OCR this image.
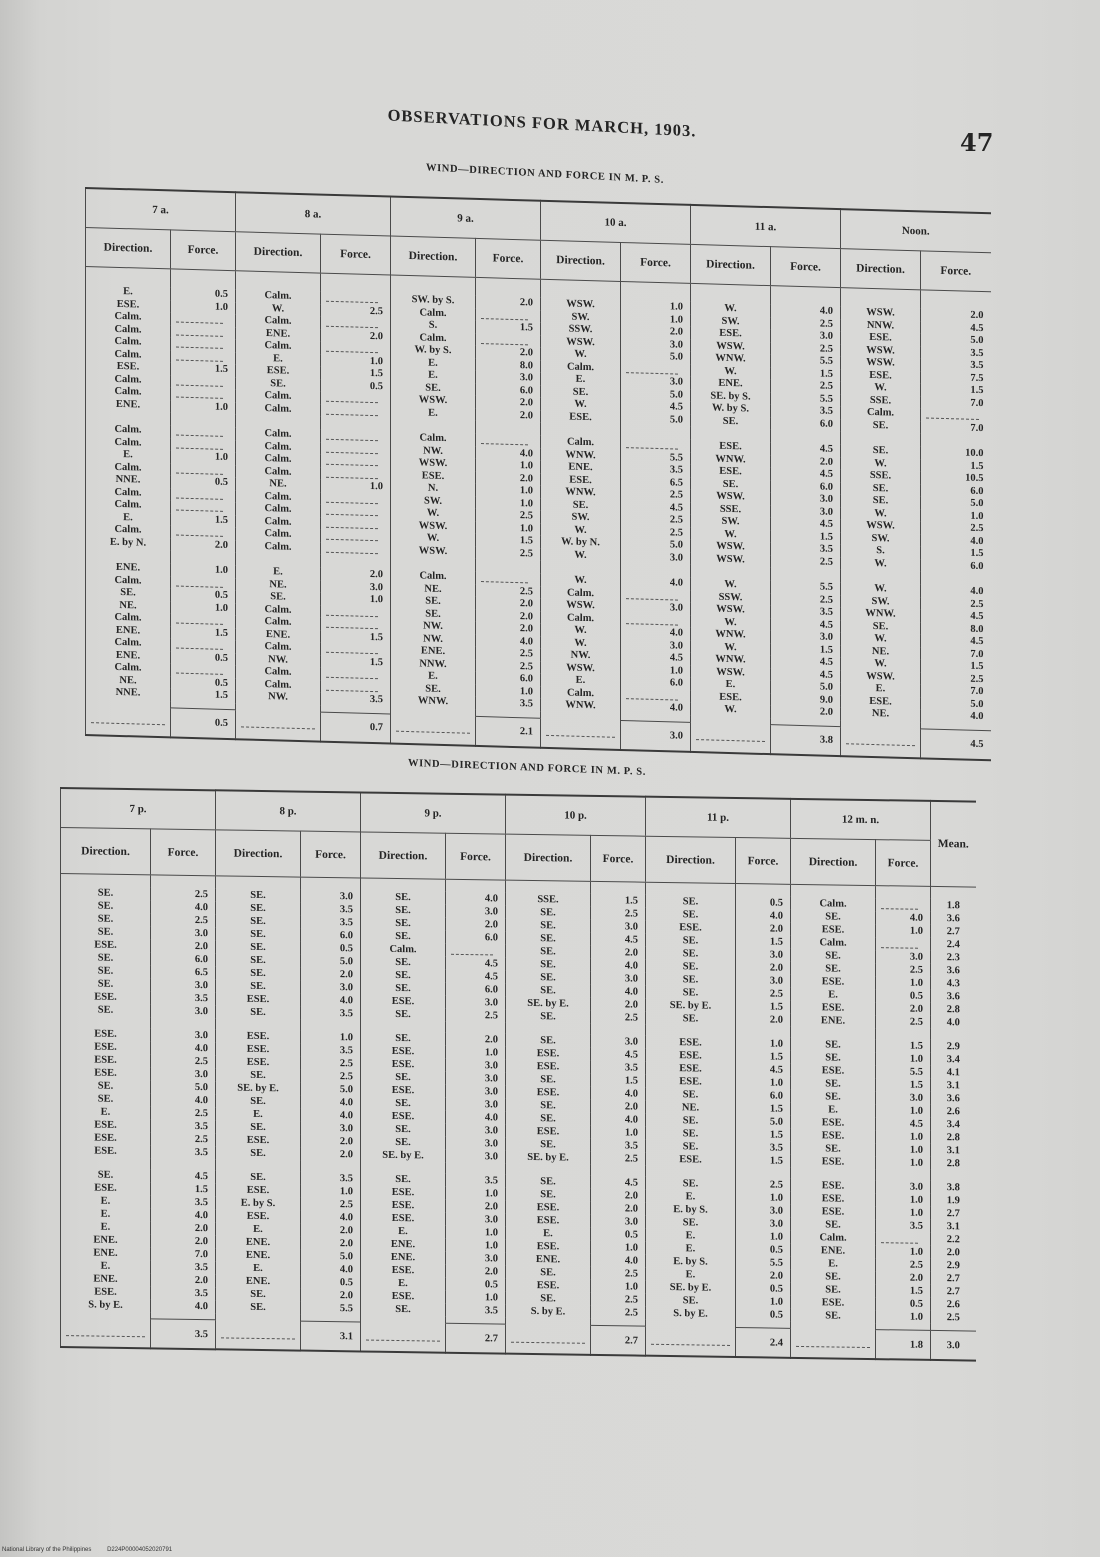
OBSERVATIONS FOR MARCH, 1903.
47
WIND—DIRECTION AND FORCE IN M. P. S.
7 a.		8 a.		9 a.		10 a.		11 a.		Noon.	
Direction.	Force.	Direction.	Force.	Direction.	Force.	Direction.	Force.	Direction.	Force.	Direction.	Force.

E.	0.5	Calm.		SW. by S.	2.0	WSW.	1.0	W.	4.0	WSW.	2.0
ESE.	1.0	W.	2.5	Calm.		SW.	1.0	SW.	2.5	NNW.	4.5
Calm.		Calm.		S.	1.5	SSW.	2.0	ESE.	3.0	ESE.	5.0
Calm.		ENE.	2.0	Calm.		WSW.	3.0	WSW.	2.5	WSW.	3.5
Calm.		Calm.		W. by S.	2.0	W.	5.0	WNW.	5.5	WSW.	3.5
Calm.		E.	1.0	E.	8.0	Calm.		W.	1.5	ESE.	7.5
ESE.	1.5	ESE.	1.5	E.	3.0	E.	3.0	ENE.	2.5	W.	1.5
Calm.		SE.	0.5	SE.	6.0	SE.	5.0	SE. by S.	5.5	SSE.	7.0
Calm.		Calm.		WSW.	2.0	W.	4.5	W. by S.	3.5	Calm.	
ENE.	1.0	Calm.		E.	2.0	ESE.	5.0	SE.	6.0	SE.	7.0

Calm.		Calm.		Calm.		Calm.		ESE.	4.5	SE.	10.0
Calm.		Calm.		NW.	4.0	WNW.	5.5	WNW.	2.0	W.	1.5
E.	1.0	Calm.		WSW.	1.0	ENE.	3.5	ESE.	4.5	SSE.	10.5
Calm.		Calm.		ESE.	2.0	ESE.	6.5	SE.	6.0	SE.	6.0
NNE.	0.5	NE.	1.0	N.	1.0	WNW.	2.5	WSW.	3.0	SE.	5.0
Calm.		Calm.		SW.	1.0	SE.	4.5	SSE.	3.0	W.	1.0
Calm.		Calm.		W.	2.5	SW.	2.5	SW.	4.5	WSW.	2.5
E.	1.5	Calm.		WSW.	1.0	W.	2.5	W.	1.5	SW.	4.0
Calm.		Calm.		W.	1.5	W. by N.	5.0	WSW.	3.5	S.	1.5
E. by N.	2.0	Calm.		WSW.	2.5	W.	3.0	WSW.	2.5	W.	6.0

ENE.	1.0	E.	2.0	Calm.		W.	4.0	W.	5.5	W.	4.0
Calm.		NE.	3.0	NE.	2.5	Calm.		SSW.	2.5	SW.	2.5
SE.	0.5	SE.	1.0	SE.	2.0	WSW.	3.0	WSW.	3.5	WNW.	4.5
NE.	1.0	Calm.		SE.	2.0	Calm.		W.	4.5	SE.	8.0
Calm.		Calm.		NW.	2.0	W.	4.0	WNW.	3.0	W.	4.5
ENE.	1.5	ENE.	1.5	NW.	4.0	W.	3.0	W.	1.5	NE.	7.0
Calm.		Calm.		ENE.	2.5	NW.	4.5	WNW.	4.5	W.	1.5
ENE.	0.5	NW.	1.5	NNW.	2.5	WSW.	1.0	WSW.	4.5	WSW.	2.5
Calm.		Calm.		E.	6.0	E.	6.0	E.	5.0	E.	7.0
NE.	0.5	Calm.		SE.	1.0	Calm.		ESE.	9.0	ESE.	5.0
NNE.	1.5	NW.	3.5	WNW.	3.5	WNW.	4.0	W.	2.0	NE.	4.0

	0.5		0.7		2.1		3.0		3.8		4.5
WIND—DIRECTION AND FORCE IN M. P. S.
7 p.		8 p.		9 p.		10 p.		11 p.		12 m. n.		Mean.
Direction.	Force.	Direction.	Force.	Direction.	Force.	Direction.	Force.	Direction.	Force.	Direction.	Force.	

SE.	2.5	SE.	3.0	SE.	4.0	SSE.	1.5	SE.	0.5	Calm.		1.8
SE.	4.0	SE.	3.5	SE.	3.0	SE.	2.5	SE.	4.0	SE.	4.0	3.6
SE.	2.5	SE.	3.5	SE.	2.0	SE.	3.0	ESE.	2.0	ESE.	1.0	2.7
SE.	3.0	SE.	6.0	SE.	6.0	SE.	4.5	SE.	1.5	Calm.		2.4
ESE.	2.0	SE.	0.5	Calm.		SE.	2.0	SE.	3.0	SE.	3.0	2.3
SE.	6.0	SE.	5.0	SE.	4.5	SE.	4.0	SE.	2.0	SE.	2.5	3.6
SE.	6.5	SE.	2.0	SE.	4.5	SE.	3.0	SE.	3.0	ESE.	1.0	4.3
SE.	3.0	SE.	3.0	SE.	6.0	SE.	4.0	SE.	2.5	E.	0.5	3.6
ESE.	3.5	ESE.	4.0	ESE.	3.0	SE. by E.	2.0	SE. by E.	1.5	ESE.	2.0	2.8
SE.	3.0	SE.	3.5	SE.	2.5	SE.	2.5	SE.	2.0	ENE.	2.5	4.0

ESE.	3.0	ESE.	1.0	SE.	2.0	SE.	3.0	ESE.	1.0	SE.	1.5	2.9
ESE.	4.0	ESE.	3.5	ESE.	1.0	ESE.	4.5	ESE.	1.5	SE.	1.0	3.4
ESE.	2.5	ESE.	2.5	ESE.	3.0	ESE.	3.5	ESE.	4.5	ESE.	5.5	4.1
ESE.	3.0	SE.	2.5	SE.	3.0	SE.	1.5	ESE.	1.0	SE.	1.5	3.1
SE.	5.0	SE. by E.	5.0	ESE.	3.0	ESE.	4.0	SE.	6.0	SE.	3.0	3.6
SE.	4.0	SE.	4.0	SE.	3.0	SE.	2.0	NE.	1.5	E.	1.0	2.6
E.	2.5	E.	4.0	ESE.	4.0	SE.	4.0	SE.	5.0	ESE.	4.5	3.4
ESE.	3.5	SE.	3.0	SE.	3.0	ESE.	1.0	SE.	1.5	ESE.	1.0	2.8
ESE.	2.5	ESE.	2.0	SE.	3.0	SE.	3.5	SE.	3.5	SE.	1.0	3.1
ESE.	3.5	SE.	2.0	SE. by E.	3.0	SE. by E.	2.5	ESE.	1.5	ESE.	1.0	2.8

SE.	4.5	SE.	3.5	SE.	3.5	SE.	4.5	SE.	2.5	ESE.	3.0	3.8
ESE.	1.5	ESE.	1.0	ESE.	1.0	SE.	2.0	E.	1.0	ESE.	1.0	1.9
E.	3.5	E. by S.	2.5	ESE.	2.0	ESE.	2.0	E. by S.	3.0	ESE.	1.0	2.7
E.	4.0	ESE.	4.0	ESE.	3.0	ESE.	3.0	SE.	3.0	SE.	3.5	3.1
E.	2.0	E.	2.0	E.	1.0	E.	0.5	E.	1.0	Calm.		2.2
ENE.	2.0	ENE.	2.0	ENE.	1.0	ESE.	1.0	E.	0.5	ENE.	1.0	2.0
ENE.	7.0	ENE.	5.0	ENE.	3.0	ENE.	4.0	E. by S.	5.5	E.	2.5	2.9
E.	3.5	E.	4.0	ESE.	2.0	SE.	2.5	E.	2.0	SE.	2.0	2.7
ENE.	2.0	ENE.	0.5	E.	0.5	ESE.	1.0	SE. by E.	0.5	SE.	1.5	2.7
ESE.	3.5	SE.	2.0	ESE.	1.0	SE.	2.5	SE.	1.0	ESE.	0.5	2.6
S. by E.	4.0	SE.	5.5	SE.	3.5	S. by E.	2.5	S. by E.	0.5	SE.	1.0	2.5

	3.5		3.1		2.7		2.7		2.4		1.8	3.0
National Library of the Philippines	D224P00004052020791
